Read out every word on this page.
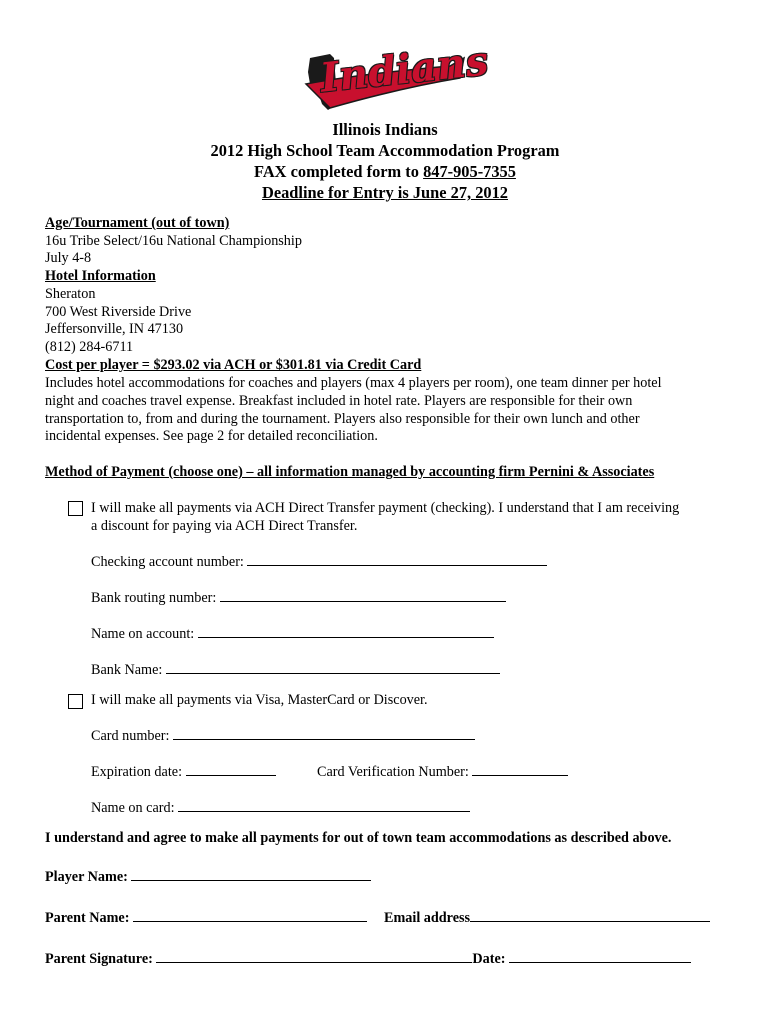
Indians
Illinois Indians
2012 High School Team Accommodation Program
FAX completed form to 847-905-7355
Deadline for Entry is June 27, 2012
Age/Tournament (out of town)
16u Tribe Select/16u National Championship
July 4-8
Hotel Information
Sheraton
700 West Riverside Drive
Jeffersonville, IN 47130
(812) 284-6711
Cost per player = $293.02 via ACH or $301.81 via Credit Card
Includes hotel accommodations for coaches and players (max 4 players per room), one team dinner per hotel
night and coaches travel expense. Breakfast included in hotel rate. Players are responsible for their own
transportation to, from and during the tournament. Players also responsible for their own lunch and other
incidental expenses. See page 2 for detailed reconciliation.
Method of Payment (choose one) – all information managed by accounting firm Pernini & Associates
I will make all payments via ACH Direct Transfer payment (checking). I understand that I am receiving
a discount for paying via ACH Direct Transfer.
Checking account number:
Bank routing number:
Name on account:
Bank Name:
I will make all payments via Visa, MasterCard or Discover.
Card number:
Expiration date:	Card Verification Number:
Name on card:
I understand and agree to make all payments for out of town team accommodations as described above.
Player Name:
Parent Name:	Email address
Parent Signature:	Date:
